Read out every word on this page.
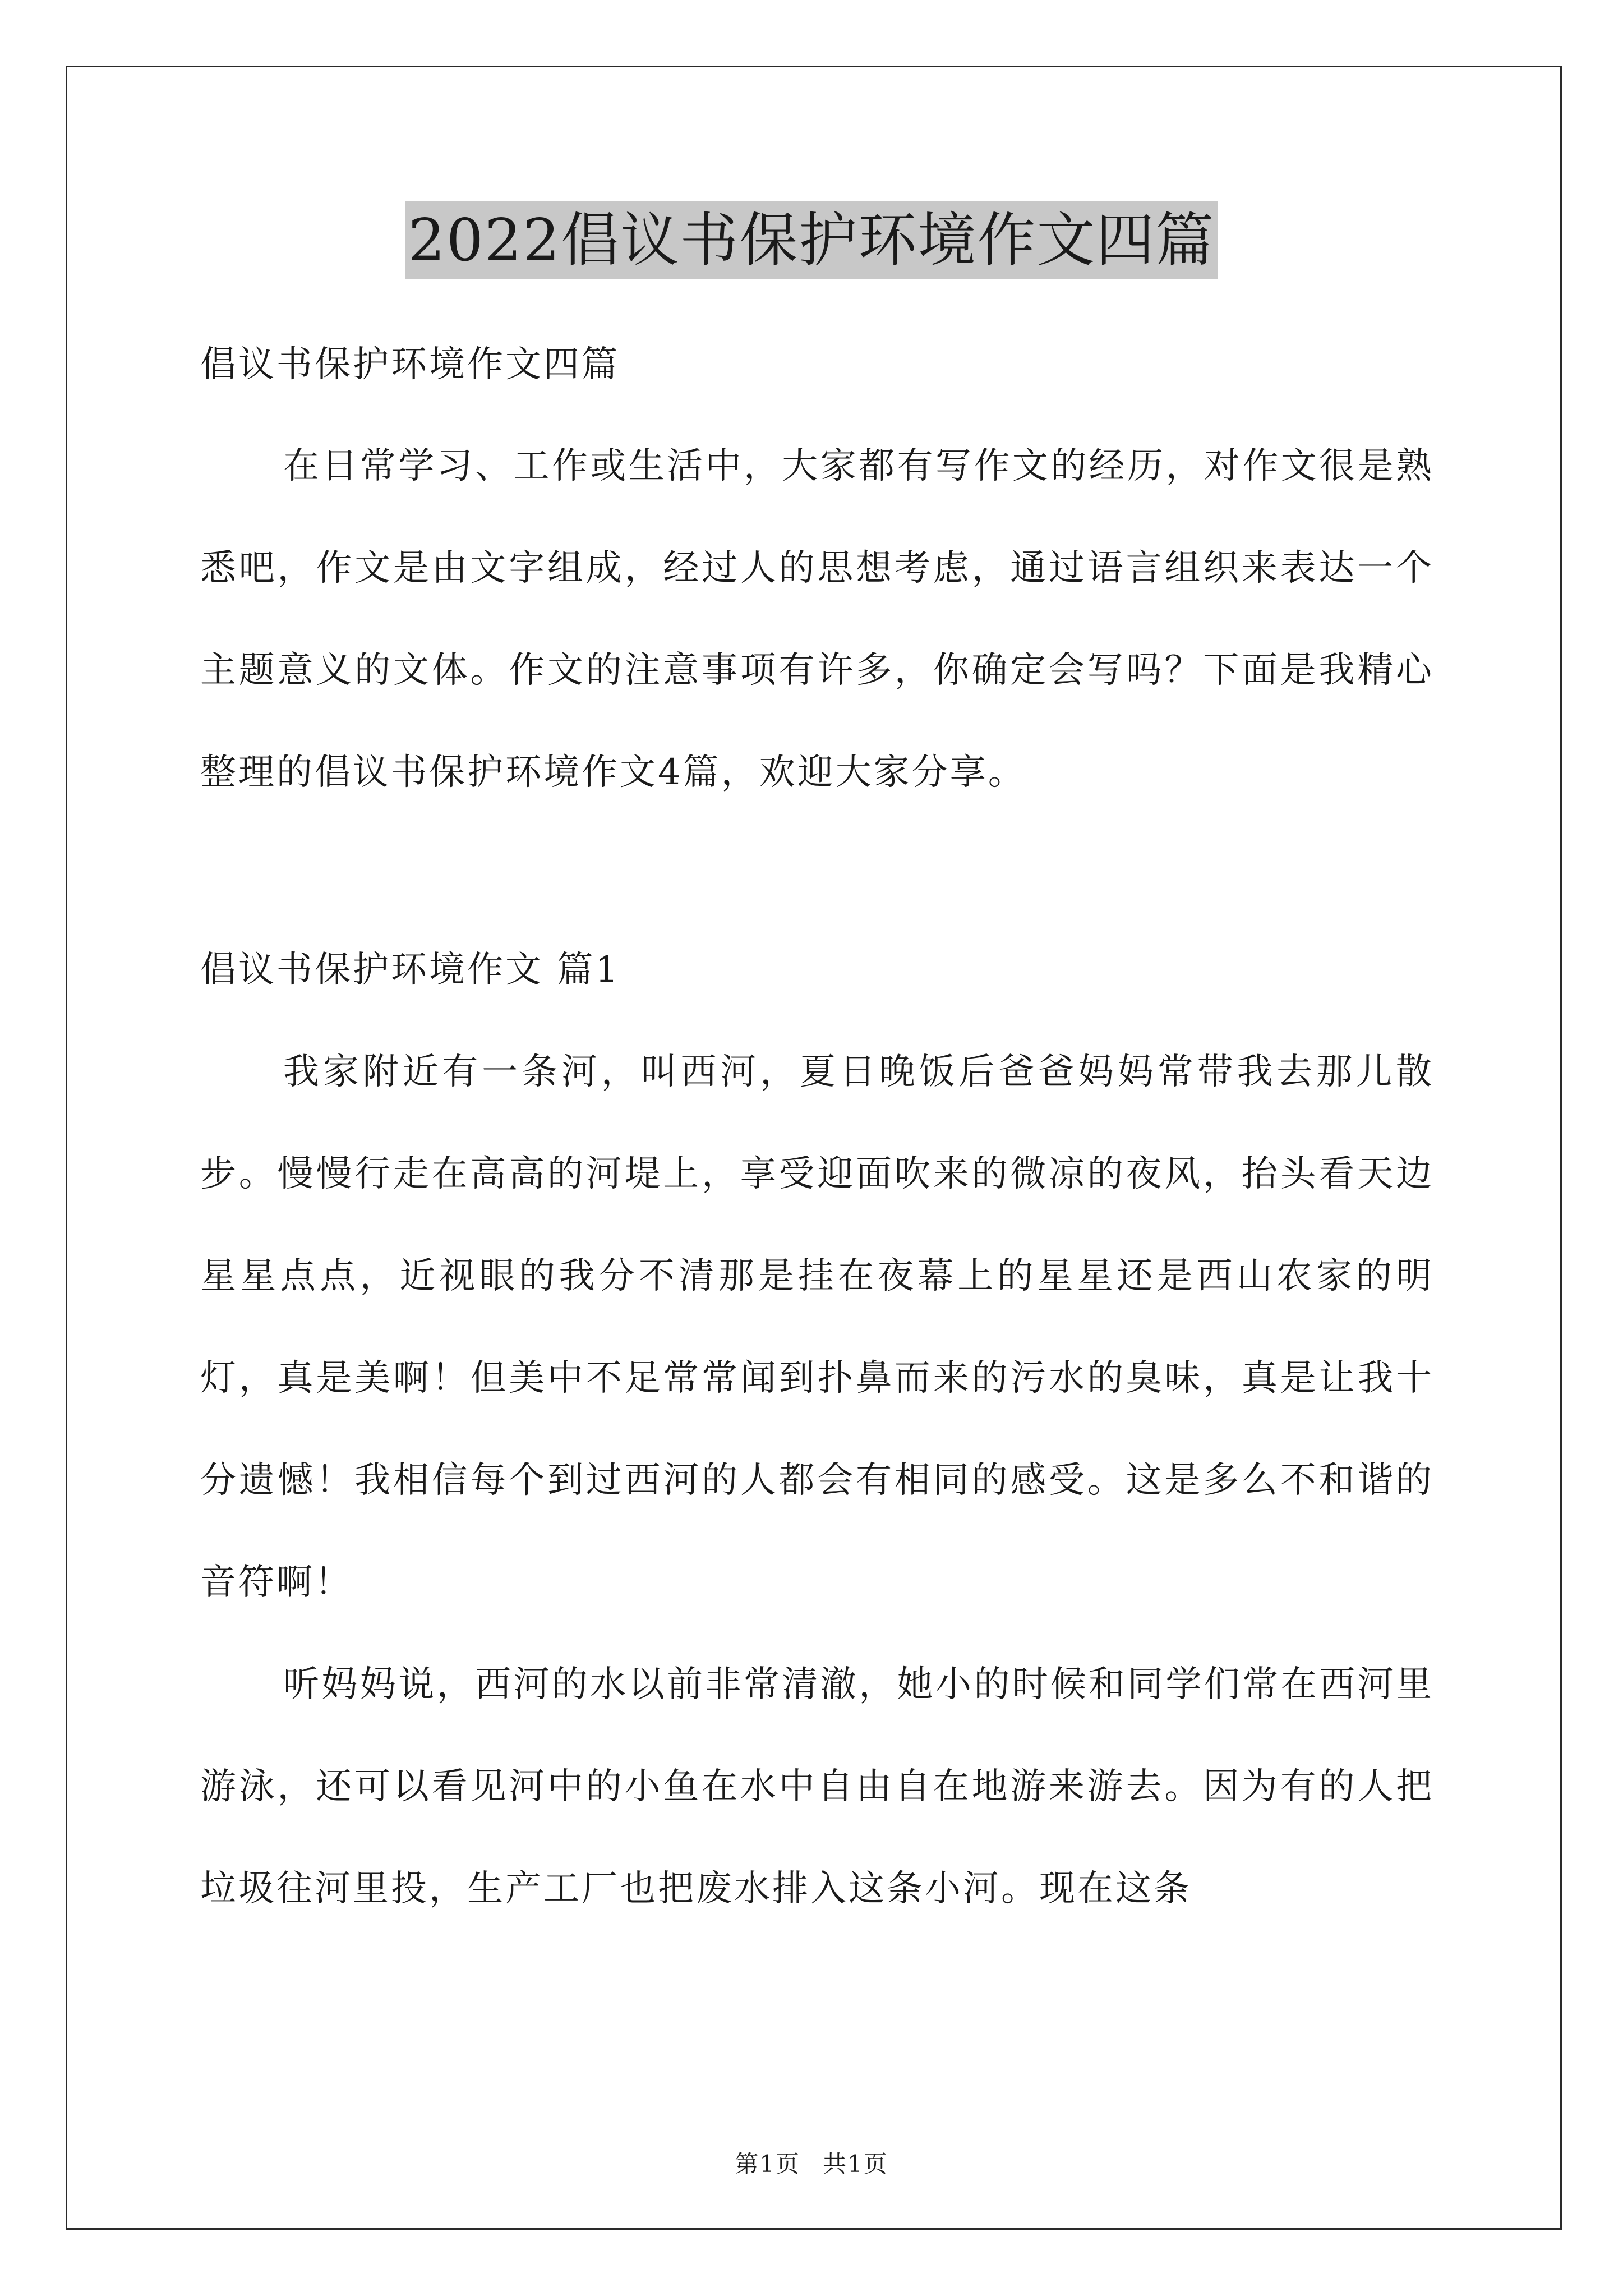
2022倡议书保护环境作文四篇
倡议书保护环境作文四篇

在日常学习、工作或生活中，大家都有写作文的经历，对作文很是熟悉吧，作文是由文字组成，经过人的思想考虑，通过语言组织来表达一个主题意义的文体。作文的注意事项有许多，你确定会写吗？下面是我精心整理的倡议书保护环境作文4篇，欢迎大家分享。

倡议书保护环境作文 篇1

我家附近有一条河，叫西河，夏日晚饭后爸爸妈妈常带我去那儿散步。慢慢行走在高高的河堤上，享受迎面吹来的微凉的夜风，抬头看天边星星点点，近视眼的我分不清那是挂在夜幕上的星星还是西山农家的明灯，真是美啊！但美中不足常常闻到扑鼻而来的污水的臭味，真是让我十分遗憾！我相信每个到过西河的人都会有相同的感受。这是多么不和谐的音符啊！

听妈妈说，西河的水以前非常清澈，她小的时候和同学们常在西河里游泳，还可以看见河中的小鱼在水中自由自在地游来游去。因为有的人把垃圾往河里投，生产工厂也把废水排入这条小河。现在这条

第1页 共1页
